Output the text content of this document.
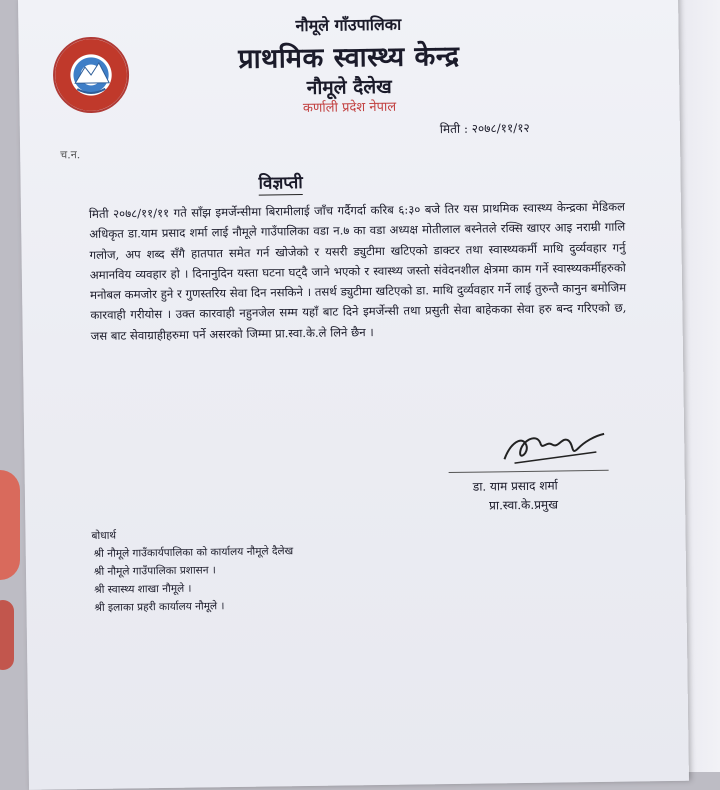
नौमूले गाँउपालिका
प्राथमिक स्वास्थ्य केन्द्र
नौमूले दैलेख
कर्णाली प्रदेश नेपाल
मिती : २०७८/११/१२
च.न.
विज्ञप्ती
मिती २०७८/११/११ गते साँझ इमर्जेन्सीमा बिरामीलाई जाँच गर्दैगर्दा करिब ६:३० बजे तिर यस प्राथमिक स्वास्थ्य केन्द्रका मेडिकल अधिकृत डा.याम प्रसाद शर्मा लाई नौमूले गाउँपालिका वडा न.७ का वडा अध्यक्ष मोतीलाल बस्नेतले रक्सि खाएर आइ नराम्री गालि गलोज, अप शब्द सँगै हातपात समेत गर्न खोजेको र यसरी ड्युटीमा खटिएको डाक्टर तथा स्वास्थ्यकर्मी माथि दुर्व्यवहार गर्नु अमानविय व्यवहार हो । दिनानुदिन यस्ता घटना घट्दै जाने भएको र स्वास्थ्य जस्तो संवेदनशील क्षेत्रमा काम गर्ने स्वास्थ्यकर्मीहरुको मनोबल कमजोर हुने र गुणस्तरिय सेवा दिन नसकिने । तसर्थ ड्युटीमा खटिएको डा. माथि दुर्व्यवहार गर्ने लाई तुरुन्तै कानुन बमोजिम कारवाही गरीयोस । उक्त कारवाही नहुनजेल सम्म यहाँ बाट दिने इमर्जेन्सी तथा प्रसुती सेवा बाहेकका सेवा हरु बन्द गरिएको छ, जस बाट सेवाग्राहीहरुमा पर्ने असरको जिम्मा प्रा.स्वा.के.ले लिने छैन ।
डा. याम प्रसाद शर्मा
प्रा.स्वा.के.प्रमुख
बोधार्थ
श्री नौमूले गाउँकार्यपालिका को कार्यालय नौमूले दैलेख
श्री नौमूले गाउँपालिका प्रशासन ।
श्री स्वास्थ्य शाखा नौमूले ।
श्री इलाका प्रहरी कार्यालय नौमूले ।
